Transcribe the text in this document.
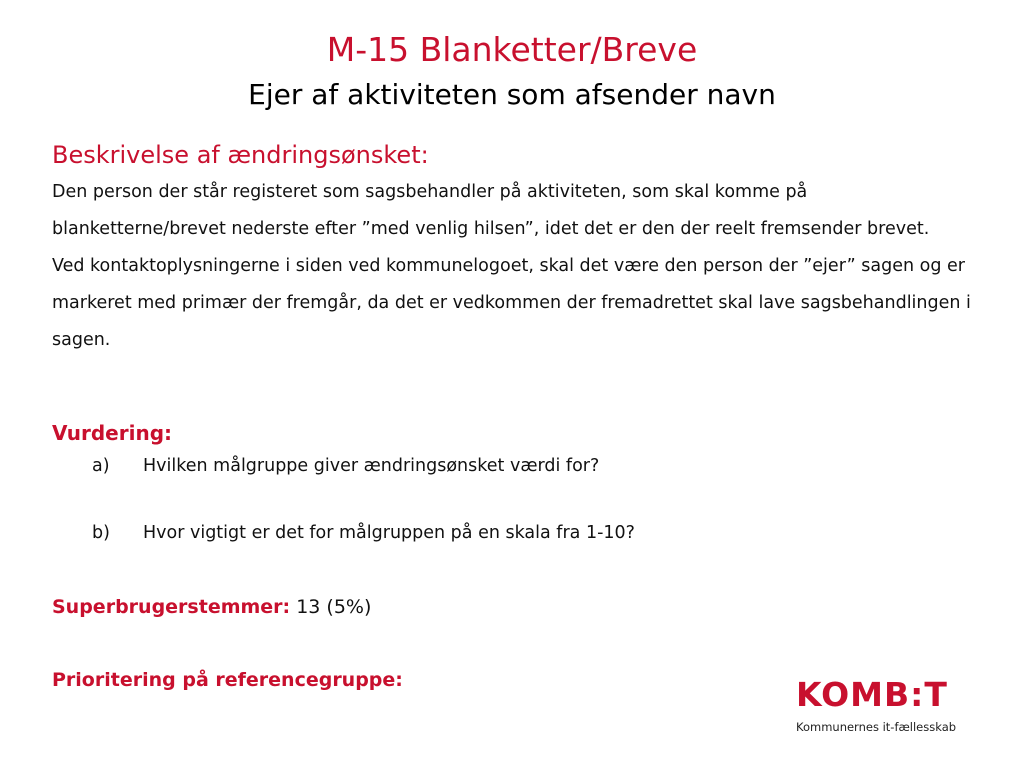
M-15 Blanketter/Breve
Ejer af aktiviteten som afsender navn
Beskrivelse af ændringsønsket:

Den person der står registeret som sagsbehandler på aktiviteten, som skal komme på blanketterne/brevet nederste efter ”med venlig hilsen”, idet det er den der reelt fremsender brevet.

Ved kontaktoplysningerne i siden ved kommunelogoet, skal det være den person der ”ejer” sagen og er markeret med primær der fremgår, da det er vedkommen der fremadrettet skal lave sagsbehandlingen i sagen.

Vurdering:
a) Hvilken målgruppe giver ændringsønsket værdi for?
b) Hvor vigtigt er det for målgruppen på en skala fra 1-10?
Superbrugerstemmer: 13 (5%)
Prioritering på referencegruppe:	KOMB:T
Kommunernes it-fællesskab
